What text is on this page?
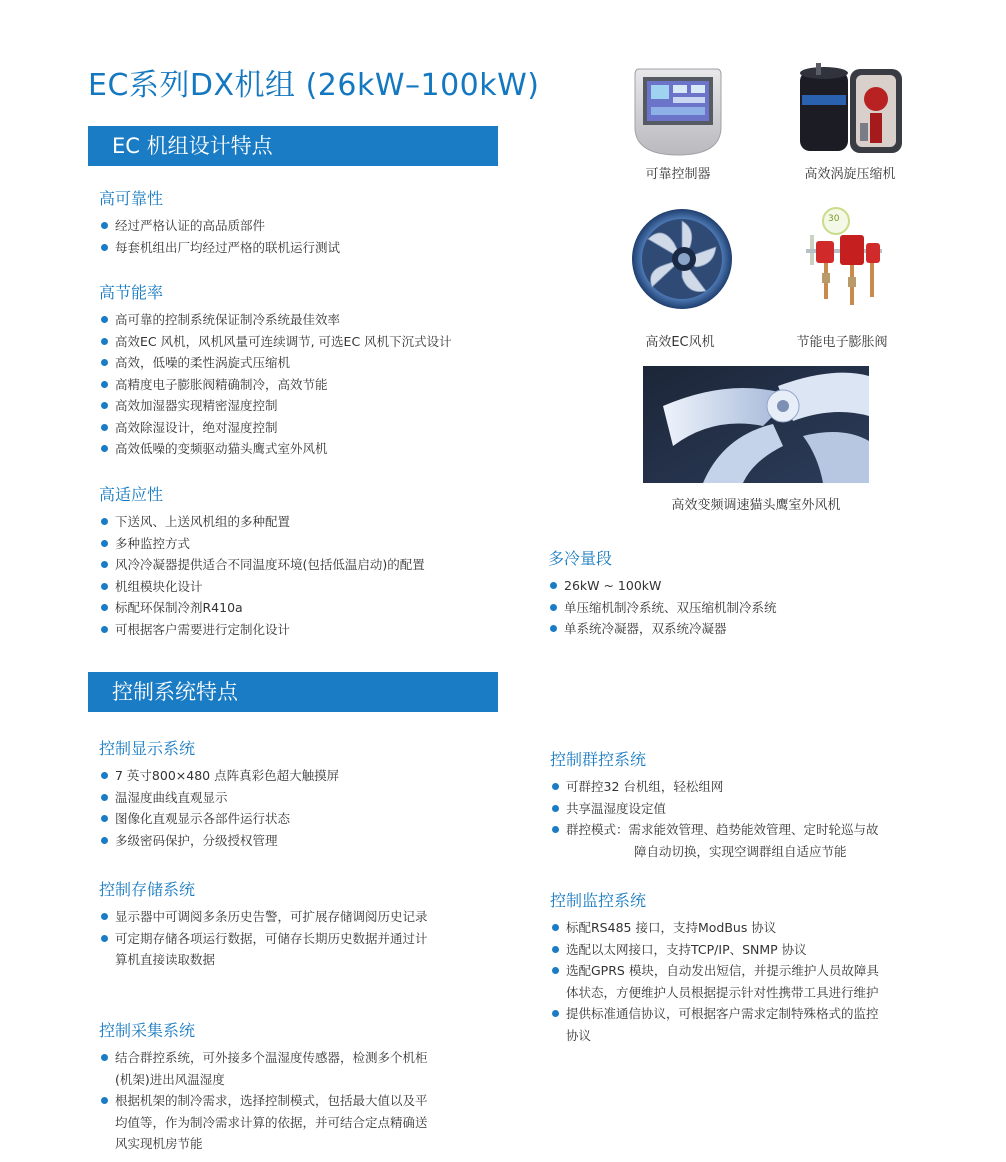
EC系列DX机组 (26kW–100kW)
EC 机组设计特点
高可靠性
经过严格认证的高品质部件
每套机组出厂均经过严格的联机运行测试
高节能率
高可靠的控制系统保证制冷系统最佳效率
高效EC 风机，风机风量可连续调节, 可选EC 风机下沉式设计
高效，低噪的柔性涡旋式压缩机
高精度电子膨胀阀精确制冷，高效节能
高效加湿器实现精密湿度控制
高效除湿设计，绝对湿度控制
高效低噪的变频驱动猫头鹰式室外风机
高适应性
下送风、上送风机组的多种配置
多种监控方式
风冷冷凝器提供适合不同温度环境(包括低温启动)的配置
机组模块化设计
标配环保制冷剂R410a
可根据客户需要进行定制化设计
可靠控制器	高效涡旋压缩机
高效EC风机
30
节能电子膨胀阀
高效变频调速猫头鹰室外风机
多冷量段
26kW ~ 100kW
单压缩机制冷系统、双压缩机制冷系统
单系统冷凝器，双系统冷凝器
控制系统特点
控制显示系统
7 英寸800×480 点阵真彩色超大触摸屏
温湿度曲线直观显示
图像化直观显示各部件运行状态
多级密码保护，分级授权管理
控制存储系统
显示器中可调阅多条历史告警，可扩展存储调阅历史记录
可定期存储各项运行数据，可储存长期历史数据并通过计
算机直接读取数据
控制采集系统
结合群控系统，可外接多个温湿度传感器，检测多个机柜
(机架)进出风温湿度
根据机架的制冷需求，选择控制模式，包括最大值以及平
均值等，作为制冷需求计算的依据，并可结合定点精确送
风实现机房节能
控制群控系统
可群控32 台机组，轻松组网
共享温湿度设定值
群控模式：需求能效管理、趋势能效管理、定时轮巡与故
障自动切换，实现空调群组自适应节能
控制监控系统
标配RS485 接口，支持ModBus 协议
选配以太网接口，支持TCP/IP、SNMP 协议
选配GPRS 模块，自动发出短信，并提示维护人员故障具
体状态，方便维护人员根据提示针对性携带工具进行维护
提供标准通信协议，可根据客户需求定制特殊格式的监控
协议
